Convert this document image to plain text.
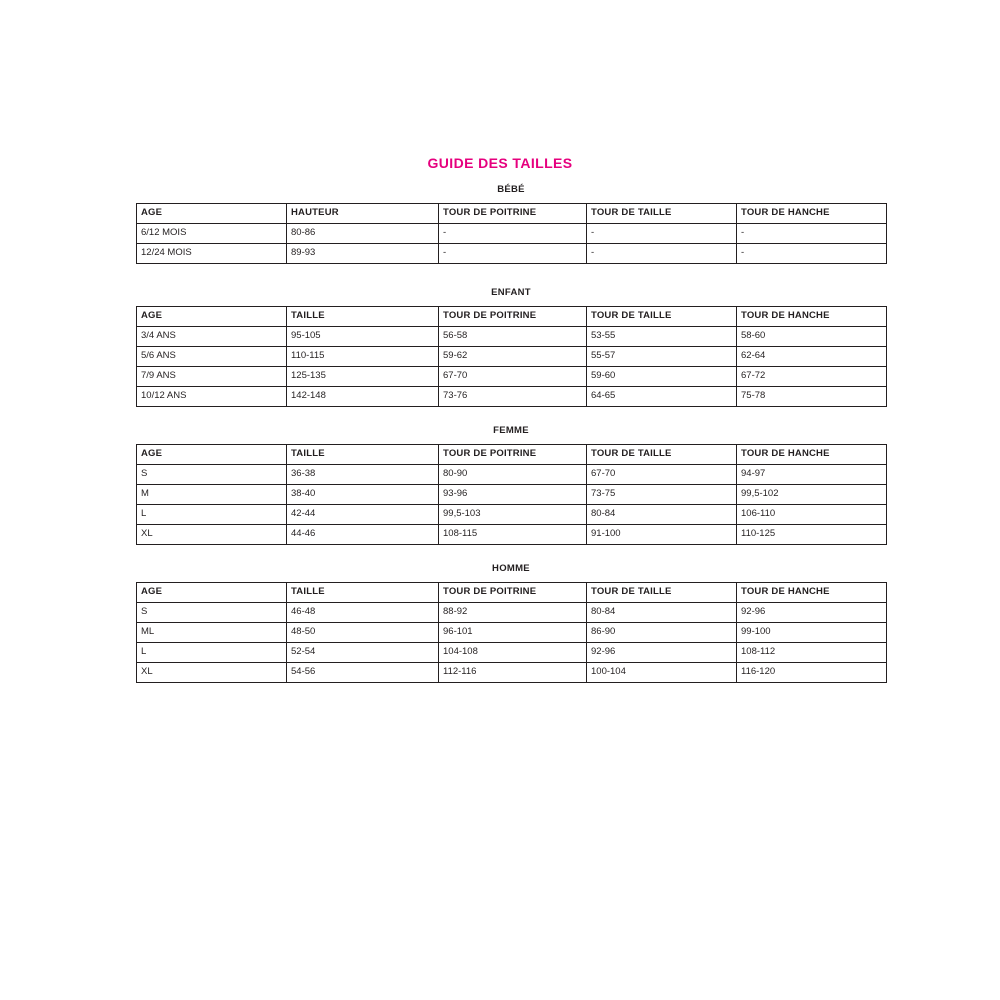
GUIDE DES TAILLES
BÉBÉ
AGE	HAUTEUR	TOUR DE POITRINE	TOUR DE TAILLE	TOUR DE HANCHE
6/12 MOIS	80-86	-	-	-
12/24 MOIS	89-93	-	-	-
ENFANT
AGE	TAILLE	TOUR DE POITRINE	TOUR DE TAILLE	TOUR DE HANCHE
3/4 ANS	95-105	56-58	53-55	58-60
5/6 ANS	110-115	59-62	55-57	62-64
7/9 ANS	125-135	67-70	59-60	67-72
10/12 ANS	142-148	73-76	64-65	75-78
FEMME
AGE	TAILLE	TOUR DE POITRINE	TOUR DE TAILLE	TOUR DE HANCHE
S	36-38	80-90	67-70	94-97
M	38-40	93-96	73-75	99,5-102
L	42-44	99,5-103	80-84	106-110
XL	44-46	108-115	91-100	110-125
HOMME
AGE	TAILLE	TOUR DE POITRINE	TOUR DE TAILLE	TOUR DE HANCHE
S	46-48	88-92	80-84	92-96
ML	48-50	96-101	86-90	99-100
L	52-54	104-108	92-96	108-112
XL	54-56	112-116	100-104	116-120
